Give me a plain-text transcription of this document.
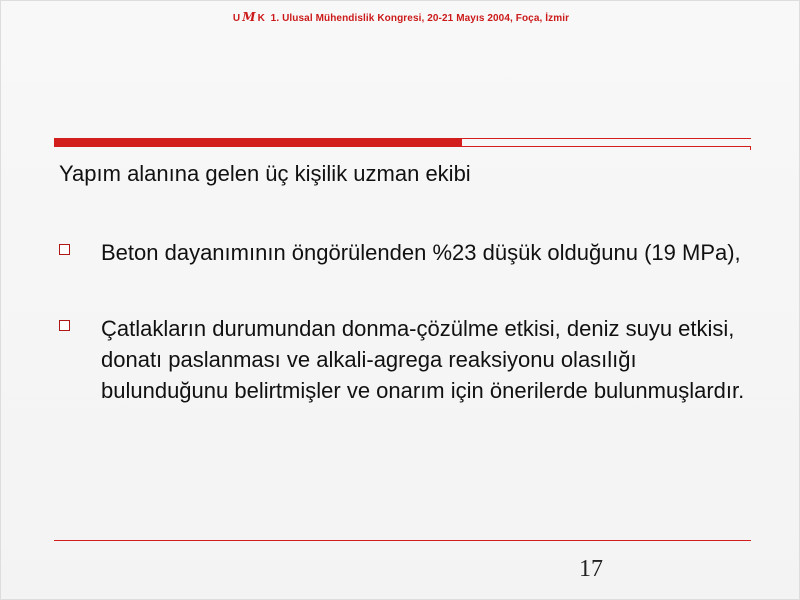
U M K  1. Ulusal Mühendislik Kongresi, 20-21 Mayıs 2004, Foça, İzmir
Yapım alanına gelen üç kişilik uzman ekibi
Beton dayanımının öngörülenden %23 düşük olduğunu (19 MPa),
Çatlakların durumundan donma-çözülme etkisi, deniz suyu etkisi, donatı paslanması ve alkali-agrega reaksiyonu olasılığı bulunduğunu belirtmişler ve onarım için önerilerde bulunmuşlardır.
17
